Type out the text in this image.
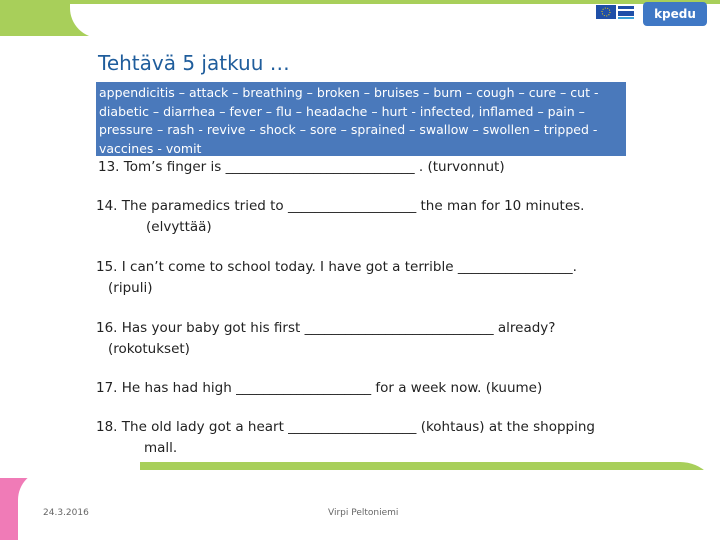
kpedu
Tehtävä 5 jatkuu …
appendicitis – attack – breathing – broken – bruises – burn – cough – cure – cut -
diabetic – diarrhea – fever – flu – headache – hurt - infected, inflamed – pain –
pressure – rash - revive – shock – sore – sprained – swallow – swollen – tripped -
vaccines - vomit
13. Tom’s finger is ____________________________ . (turvonnut)
14. The paramedics tried to ___________________ the man for 10 minutes.
(elvyttää)
15. I can’t come to school today. I have got a terrible _________________.
(ripuli)
16. Has your baby got his first ____________________________ already?
(rokotukset)
17. He has had high ____________________ for a week now. (kuume)
18. The old lady got a heart ___________________ (kohtaus) at the shopping
mall.
24.3.2016	Virpi Peltoniemi
